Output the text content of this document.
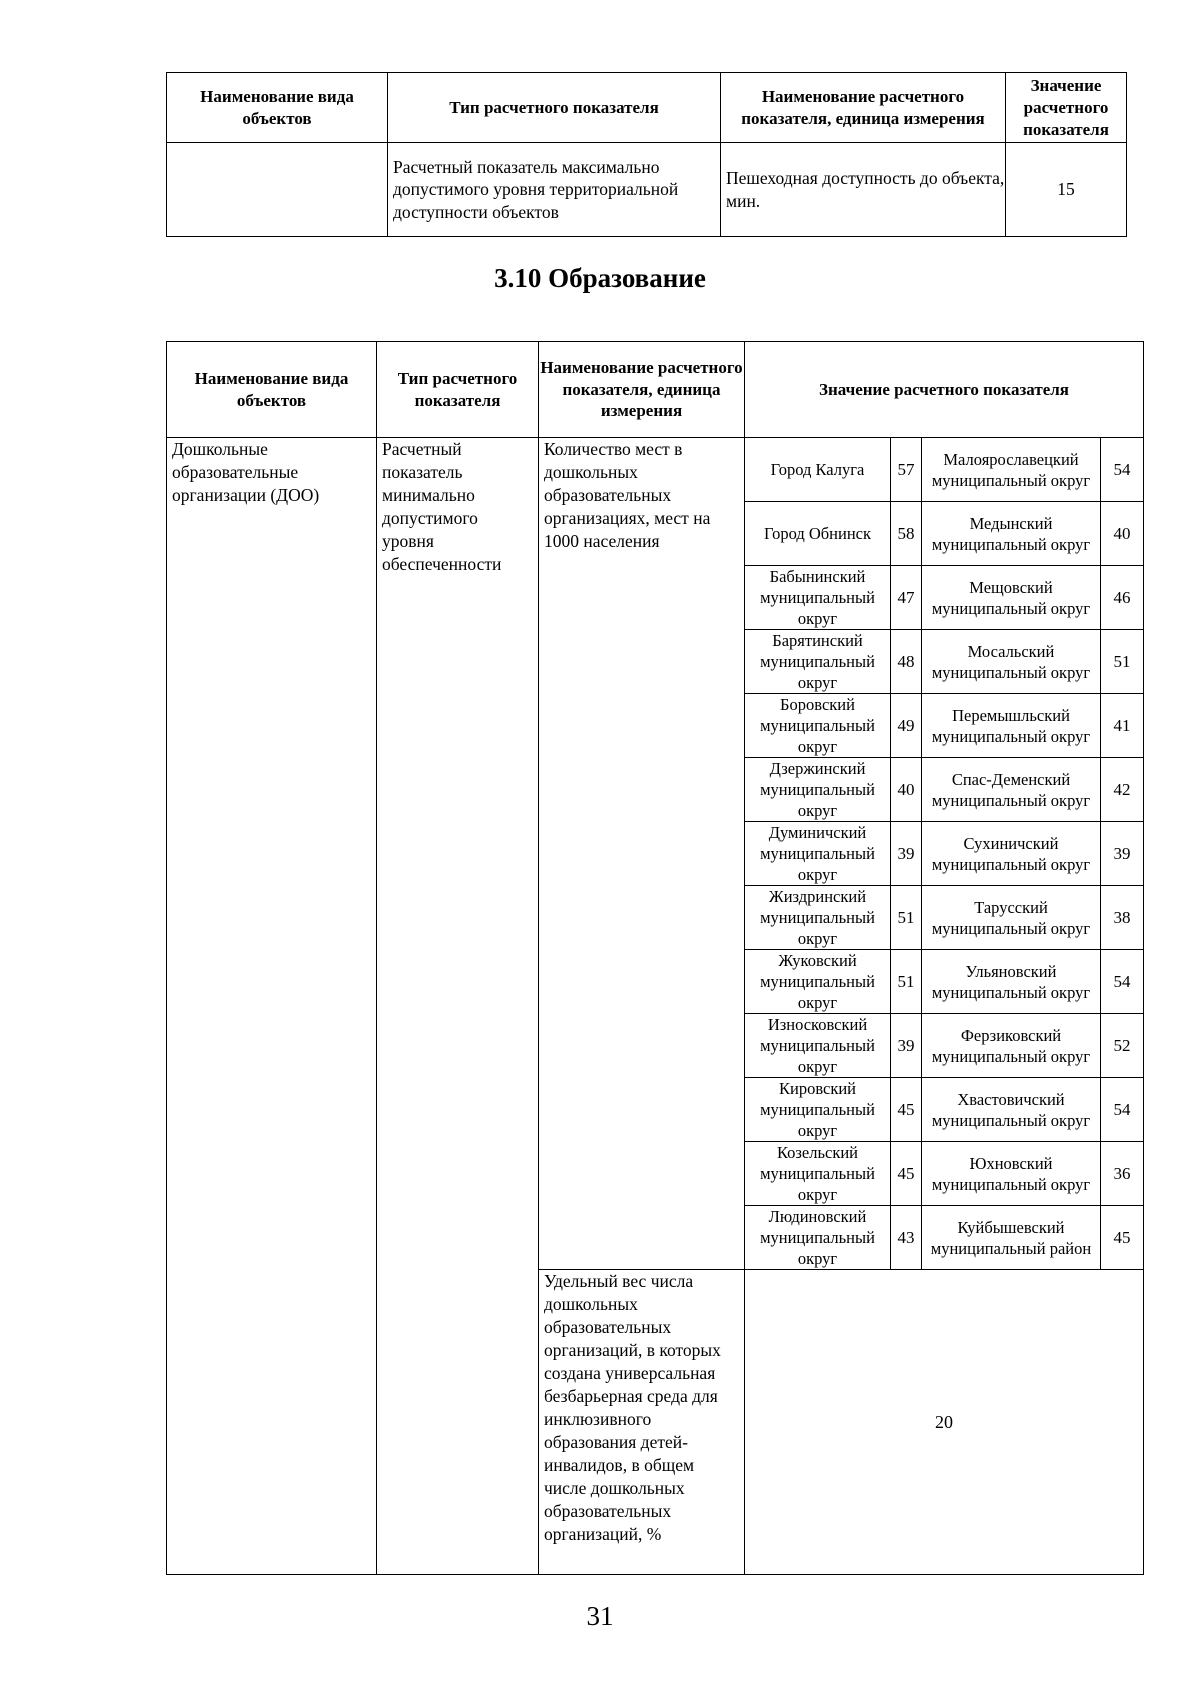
Наименование вида объектов	Тип расчетного показателя	Наименование расчетного показателя, единица измерения	Значение расчетного показателя
	Расчетный показатель максимально допустимого уровня территориальной доступности объектов	Пешеходная доступность до объекта, мин.	15
3.10 Образование
Наименование вида объектов	Тип расчетного показателя	Наименование расчетного показателя, единица измерения	Значение расчетного показателя			
Дошкольные образовательные организации (ДОО)	Расчетный показатель минимально допустимого уровня обеспеченности	Количество мест в дошкольных образовательных организациях, мест на 1000 населения	Город Калуга	57	Малоярославецкий муниципальный округ	54
			Город Обнинск	58	Медынский муниципальный округ	40
			Бабынинский муниципальный округ	47	Мещовский муниципальный округ	46
			Барятинский муниципальный округ	48	Мосальский муниципальный округ	51
			Боровский муниципальный округ	49	Перемышльский муниципальный округ	41
			Дзержинский муниципальный округ	40	Спас-Деменский муниципальный округ	42
			Думиничский муниципальный округ	39	Сухиничский муниципальный округ	39
			Жиздринский муниципальный округ	51	Тарусский муниципальный округ	38
			Жуковский муниципальный округ	51	Ульяновский муниципальный округ	54
			Износковский муниципальный округ	39	Ферзиковский муниципальный округ	52
			Кировский муниципальный округ	45	Хвастовичский муниципальный округ	54
			Козельский муниципальный округ	45	Юхновский муниципальный округ	36
			Людиновский муниципальный округ	43	Куйбышевский муниципальный район	45
		Удельный вес числа дошкольных образовательных организаций, в которых создана универсальная безбарьерная среда для инклюзивного образования детей-инвалидов, в общем числе дошкольных образовательных организаций, %	20			
31
